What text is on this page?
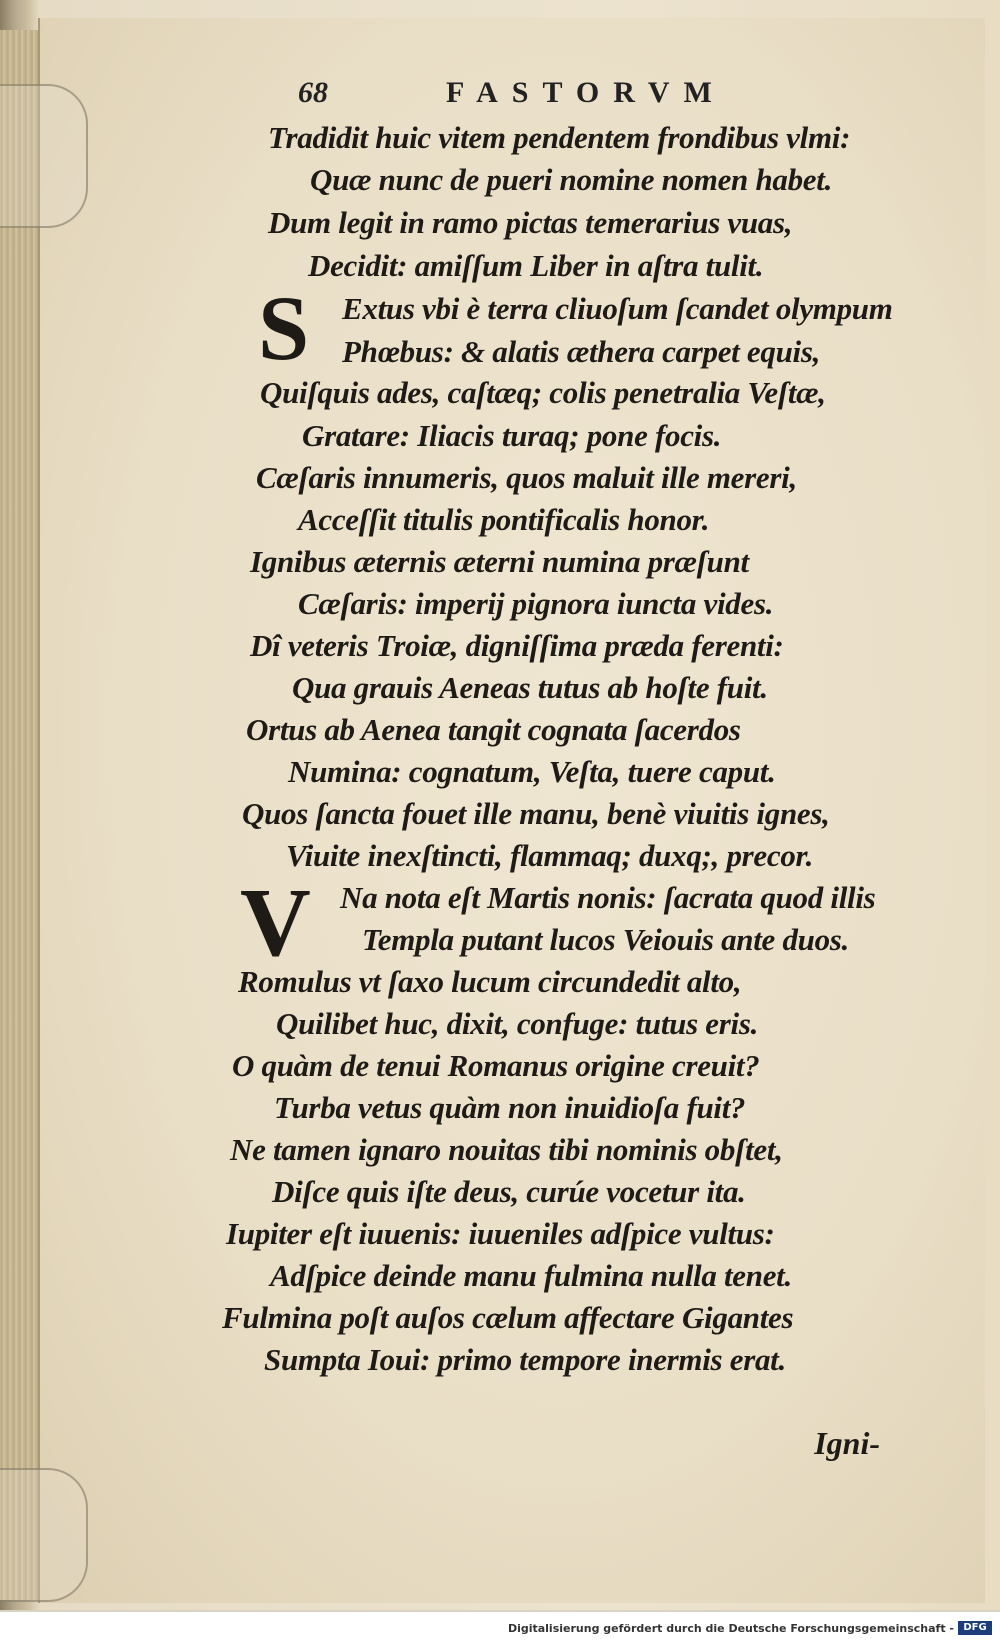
68	FASTORVM
Tradidit huic vitem pendentem frondibus vlmi:
Quæ nunc de pueri nomine nomen habet.
Dum legit in ramo pictas temerarius vuas,
Decidit: amiſſum Liber in aſtra tulit.
S Extus vbi è terra cliuoſum ſcandet olympum
Phœbus: & alatis æthera carpet equis,
Quiſquis ades, caſtæq; colis penetralia Veſtæ,
Gratare: Iliacis turaq; pone focis.
Cæſaris innumeris, quos maluit ille mereri,
Acceſſit titulis pontificalis honor.
Ignibus æternis æterni numina præſunt
Cæſaris: imperij pignora iuncta vides.
Dî veteris Troiæ, digniſſima præda ferenti:
Qua grauis Aeneas tutus ab hoſte fuit.
Ortus ab Aenea tangit cognata ſacerdos
Numina: cognatum, Veſta, tuere caput.
Quos ſancta fouet ille manu, benè viuitis ignes,
Viuite inexſtincti, flammaq; duxq;, precor.
V Na nota eſt Martis nonis: ſacrata quod illis
Templa putant lucos Veiouis ante duos.
Romulus vt ſaxo lucum circundedit alto,
Quilibet huc, dixit, confuge: tutus eris.
O quàm de tenui Romanus origine creuit?
Turba vetus quàm non inuidioſa fuit?
Ne tamen ignaro nouitas tibi nominis obſtet,
Diſce quis iſte deus, curúe vocetur ita.
Iupiter eſt iuuenis: iuueniles adſpice vultus:
Adſpice deinde manu fulmina nulla tenet.
Fulmina poſt auſos cælum affectare Gigantes
Sumpta Ioui: primo tempore inermis erat.
Igni-
Digitalisierung gefördert durch die Deutsche Forschungsgemeinschaft - DFG
